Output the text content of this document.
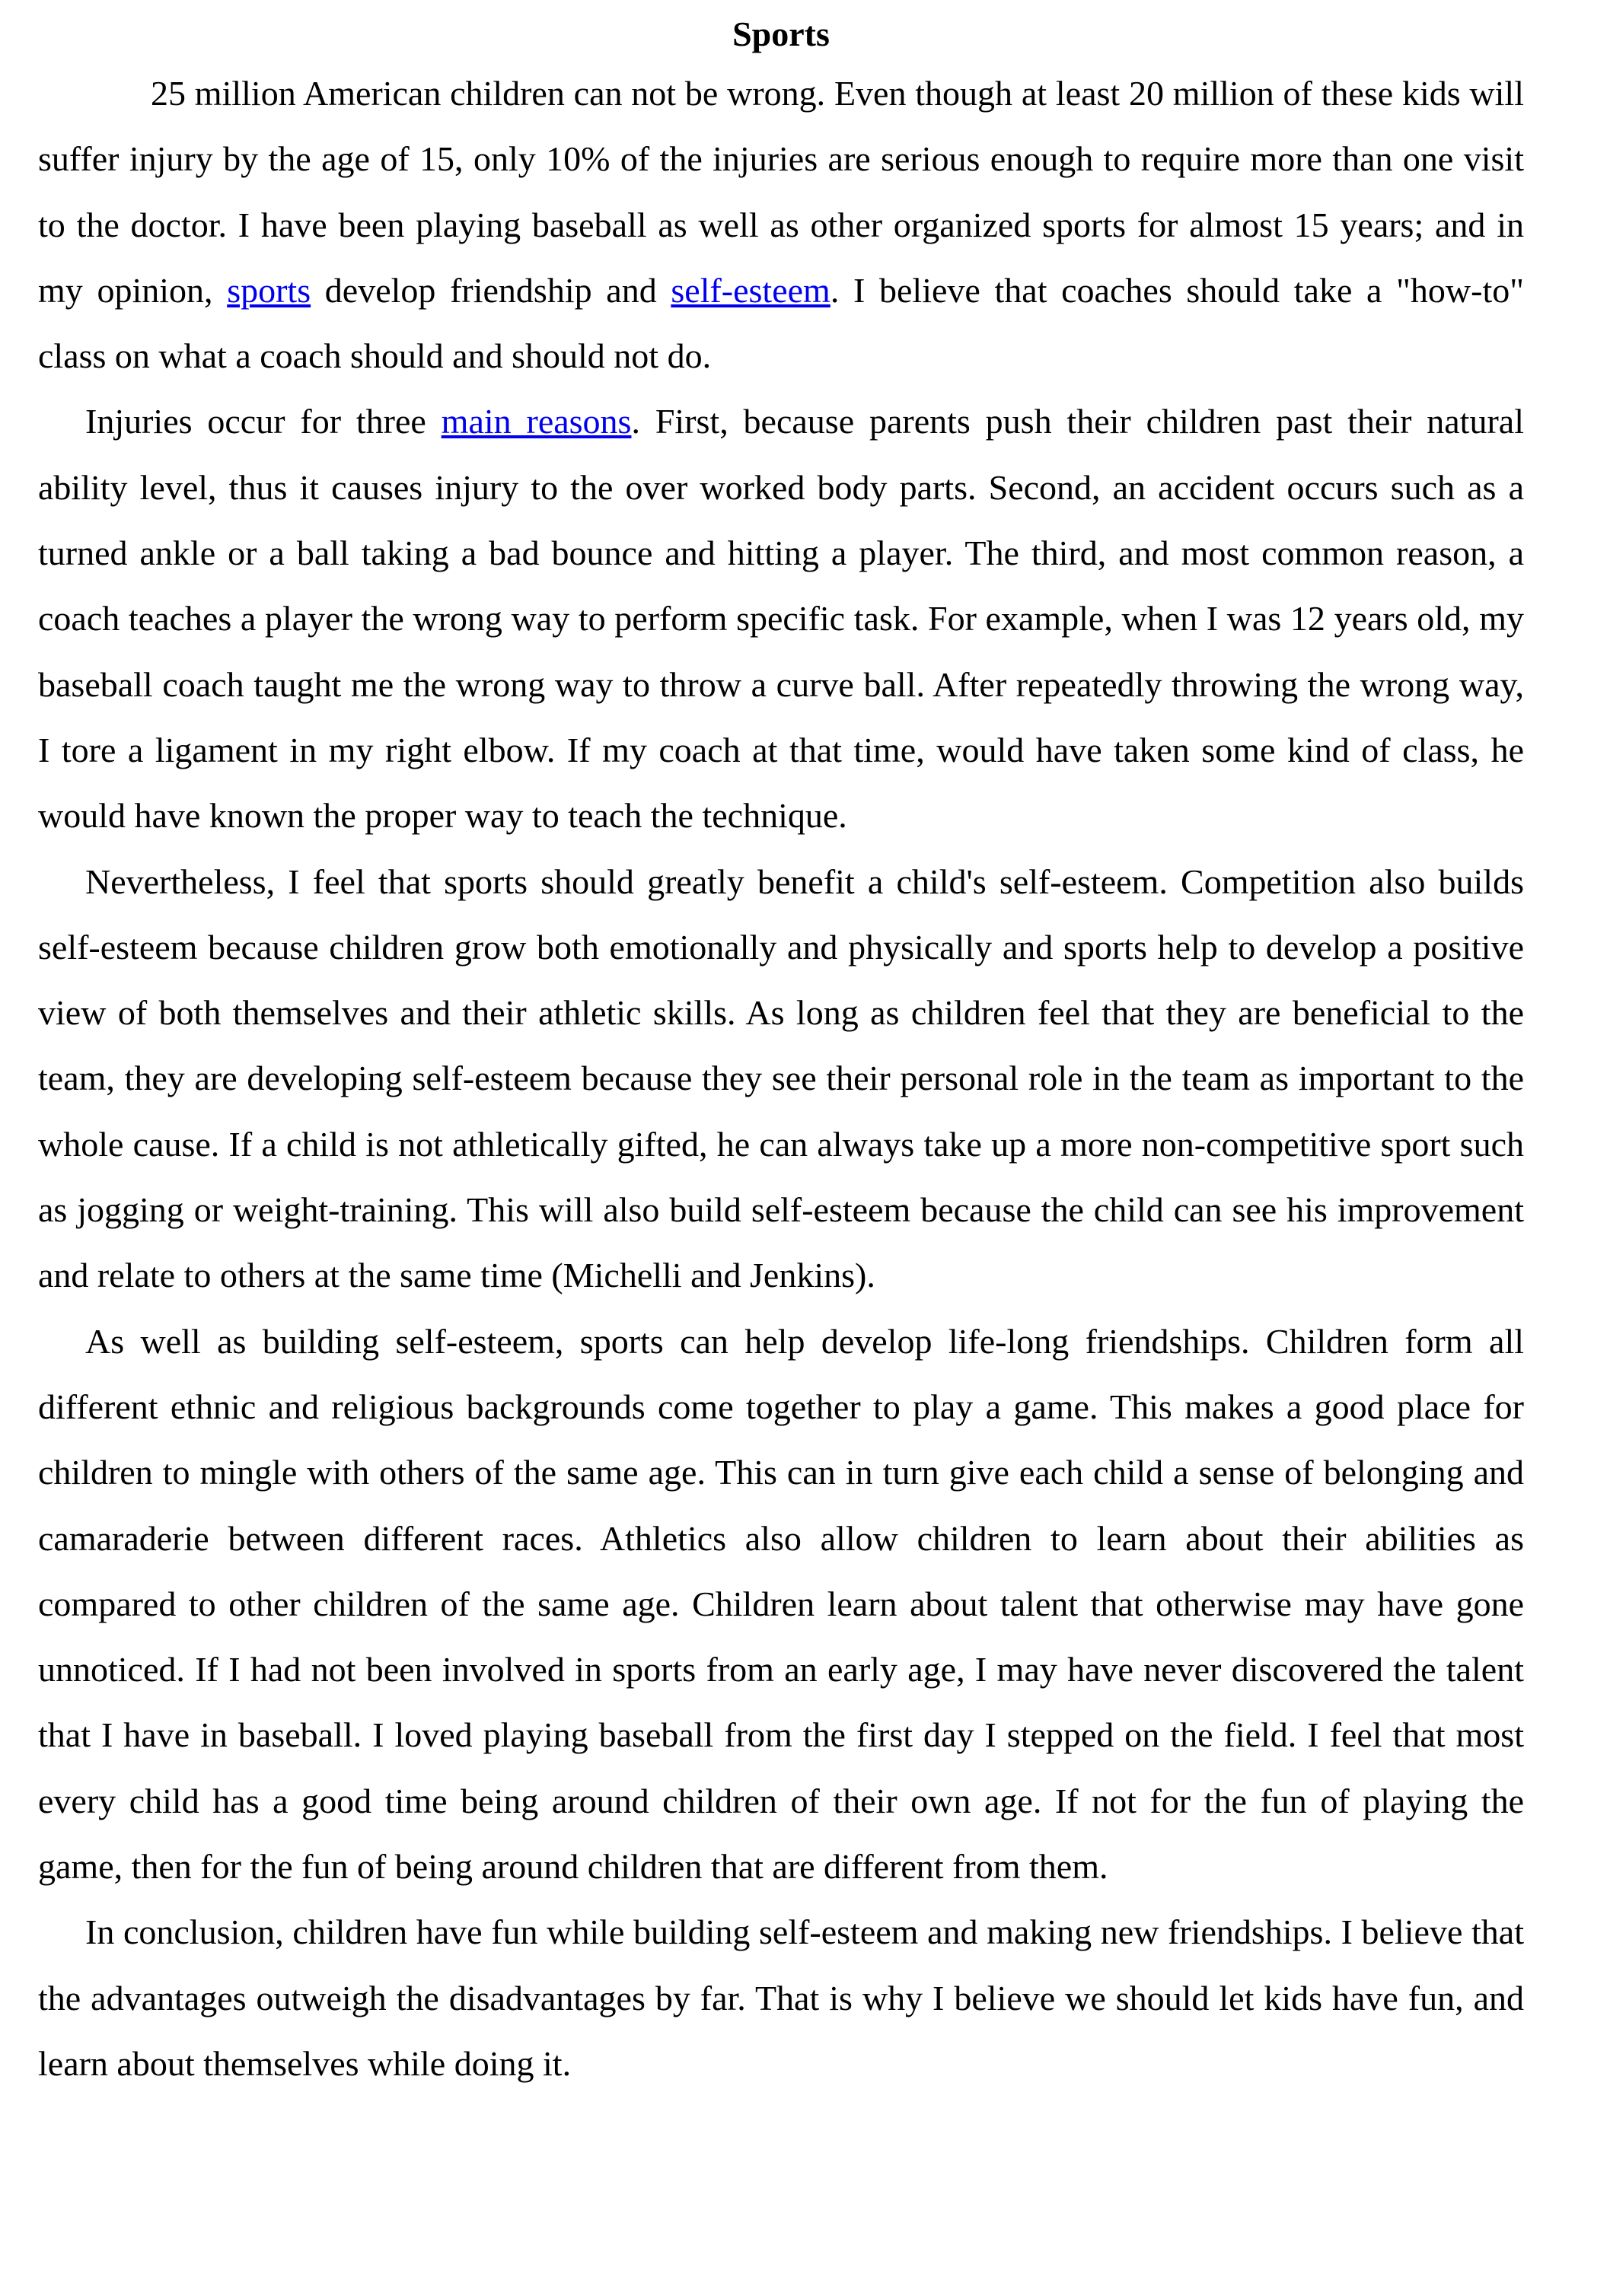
Sports

25 million American children can not be wrong. Even though at least 20 million of these kids will suffer injury by the age of 15, only 10% of the injuries are serious enough to require more than one visit to the doctor. I have been playing baseball as well as other organized sports for almost 15 years; and in my opinion, sports develop friendship and self-esteem. I believe that coaches should take a "how-to" class on what a coach should and should not do.

Injuries occur for three main reasons. First, because parents push their children past their natural ability level, thus it causes injury to the over worked body parts. Second, an accident occurs such as a turned ankle or a ball taking a bad bounce and hitting a player. The third, and most common reason, a coach teaches a player the wrong way to perform specific task. For example, when I was 12 years old, my baseball coach taught me the wrong way to throw a curve ball. After repeatedly throwing the wrong way, I tore a ligament in my right elbow. If my coach at that time, would have taken some kind of class, he would have known the proper way to teach the technique.

Nevertheless, I feel that sports should greatly benefit a child's self-esteem. Competition also builds self-esteem because children grow both emotionally and physically and sports help to develop a positive view of both themselves and their athletic skills. As long as children feel that they are beneficial to the team, they are developing self-esteem because they see their personal role in the team as important to the whole cause. If a child is not athletically gifted, he can always take up a more non-competitive sport such as jogging or weight-training. This will also build self-esteem because the child can see his improvement and relate to others at the same time (Michelli and Jenkins).

As well as building self-esteem, sports can help develop life-long friendships. Children form all different ethnic and religious backgrounds come together to play a game. This makes a good place for children to mingle with others of the same age. This can in turn give each child a sense of belonging and camaraderie between different races. Athletics also allow children to learn about their abilities as compared to other children of the same age. Children learn about talent that otherwise may have gone unnoticed. If I had not been involved in sports from an early age, I may have never discovered the talent that I have in baseball. I loved playing baseball from the first day I stepped on the field. I feel that most every child has a good time being around children of their own age. If not for the fun of playing the game, then for the fun of being around children that are different from them.

In conclusion, children have fun while building self-esteem and making new friendships. I believe that the advantages outweigh the disadvantages by far. That is why I believe we should let kids have fun, and learn about themselves while doing it.
